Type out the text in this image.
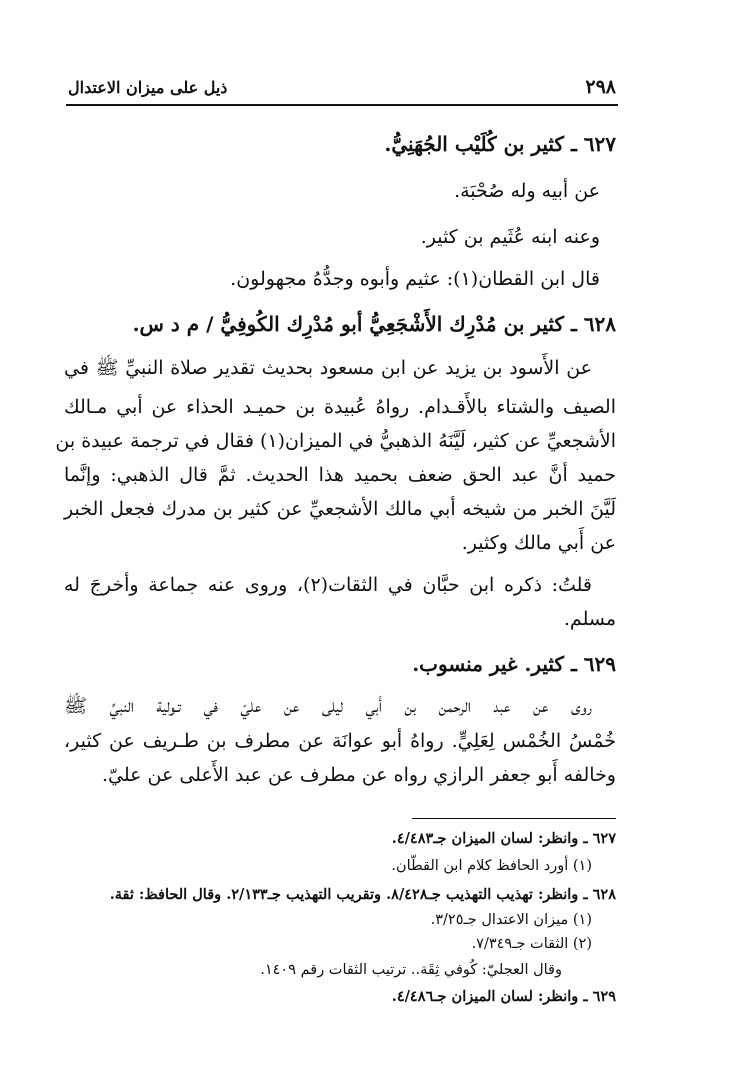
٢٩٨
ذيل على ميزان الاعتدال
٦٢٧ ـ كثير بن كُلَيْب الجُهَنِيُّ.
عن أبيه وله صُحْبَة.
وعنه ابنه عُثَيم بن كثير.
قال ابن القطان(١): عثيم وأبوه وجدُّهُ مجهولون.
٦٢٨ ـ كثير بن مُدْرِك الأَشْجَعِيُّ أبو مُدْرِك الكُوفِيُّ / م د س.
عن الأَسود بن يزيد عن ابن مسعود بحديث تقدير صلاة النبيِّ ﷺ في
الصيف والشتاء بالأَقـدام. رواهُ عُبيدة بن حميـد الحذاء عن أبي مـالك
الأشجعيِّ عن كثير، لَيَّنَهُ الذهبيُّ في الميزان(١) فقال في ترجمة عبيدة بن
حميد أنَّ عبد الحق ضعف بحميد هذا الحديث. ثمَّ قال الذهبي: وإنَّما
لَيَّنَ الخبر من شيخه أبي مالك الأشجعيِّ عن كثير بن مدرك فجعل الخبر
عن أَبي مالك وكثير.
قلتُ: ذكره ابن حبَّان في الثقات(٢)، وروى عنه جماعة وأخرجَ له
مسلم.
٦٢٩ ـ كثير. غير منسوب.
روى عن عبد الرحمن بن أَبي ليلى عن عليّ في تـولية النبيِّ ﷺ
خُمْسُ الخُمْس لِعَلِيٍّ. رواهُ أبو عوانَة عن مطرف بن طـريف عن كثير،
وخالفه أَبو جعفر الرازي رواه عن مطرف عن عبد الأَعلى عن عليّ.
٦٢٧ ـ وانظر: لسان الميزان جـ٤/٤٨٣.
(١) أورد الحافظ كلام ابن القطّان.
٦٢٨ ـ وانظر: تهذيب التهذيب جـ٨/٤٢٨. وتقريب التهذيب جـ٢/١٣٣. وقال الحافظ: ثقة.
(١) ميزان الاعتدال جـ٣/٢٥.
(٢) الثقات جـ٧/٣٤٩.
وقال العجليّ: كُوفي ثِقَة.. ترتيب الثقات رقم ١٤٠٩.
٦٢٩ ـ وانظر: لسان الميزان جـ٤/٤٨٦.
